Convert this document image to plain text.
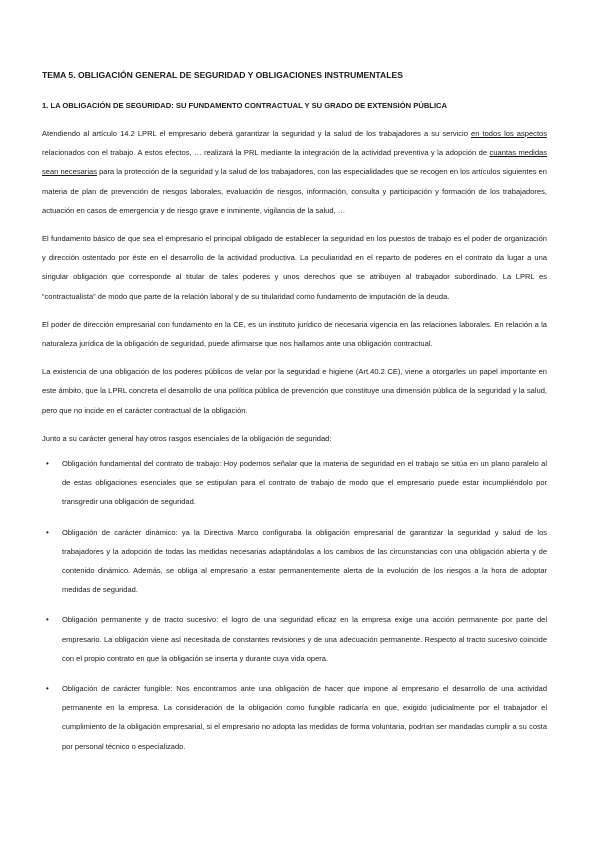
TEMA 5. OBLIGACIÓN GENERAL DE SEGURIDAD Y OBLIGACIONES INSTRUMENTALES
1. LA OBLIGACIÓN DE SEGURIDAD: SU FUNDAMENTO CONTRACTUAL Y SU GRADO DE EXTENSIÓN PÚBLICA

Atendiendo al artículo 14.2 LPRL el empresario deberá garantizar la seguridad y la salud de los trabajadores a su servicio en todos los aspectos relacionados con el trabajo. A estos efectos, … realizará la PRL mediante la integración de la actividad preventiva y la adopción de cuantas medidas sean necesarias para la protección de la seguridad y la salud de los trabajadores, con las especialidades que se recogen en los artículos siguientes en materia de plan de prevención de riesgos laborales, evaluación de riesgos, información, consulta y participación y formación de los trabajadores, actuación en casos de emergencia y de riesgo grave e inminente, vigilancia de la salud, …

El fundamento básico de que sea el empresario el principal obligado de establecer la seguridad en los puestos de trabajo es el poder de organización y dirección ostentado por éste en el desarrollo de la actividad productiva. La peculiaridad en el reparto de poderes en el contrato da lugar a una singular obligación que corresponde al titular de tales poderes y unos derechos que se atribuyen al trabajador subordinado. La LPRL es “contractualista” de modo que parte de la relación laboral y de su titularidad como fundamento de imputación de la deuda.

El poder de dirección empresarial con fundamento en la CE, es un instituto jurídico de necesaria vigencia en las relaciones laborales. En relación a la naturaleza jurídica de la obligación de seguridad, puede afirmarse que nos hallamos ante una obligación contractual.

La existencia de una obligación de los poderes públicos de velar por la seguridad e higiene (Art.40.2 CE), viene a otorgarles un papel importante en este ámbito, que la LPRL concreta el desarrollo de una política pública de prevención que constituye una dimensión pública de la seguridad y la salud, pero que no incide en el carácter contractual de la obligación.

Junto a su carácter general hay otros rasgos esenciales de la obligación de seguridad:

• Obligación fundamental del contrato de trabajo: Hoy podemos señalar que la materia de seguridad en el trabajo se sitúa en un plano paralelo al de estas obligaciones esenciales que se estipulan para el contrato de trabajo de modo que el empresario puede estar incumpliéndolo por transgredir una obligación de seguridad.
• Obligación de carácter dinámico: ya la Directiva Marco configuraba la obligación empresarial de garantizar la seguridad y salud de los trabajadores y la adopción de todas las medidas necesarias adaptándolas a los cambios de las circunstancias con una obligación abierta y de contenido dinámico. Además, se obliga al empresario a estar permanentemente alerta de la evolución de los riesgos a la hora de adoptar medidas de seguridad.
• Obligación permanente y de tracto sucesivo: el logro de una seguridad eficaz en la empresa exige una acción permanente por parte del empresario. La obligación viene así necesitada de constantes revisiones y de una adecuación permanente. Respecto al tracto sucesivo coincide con el propio contrato en que la obligación se inserta y durante cuya vida opera.
• Obligación de carácter fungible: Nos encontramos ante una obligación de hacer que impone al empresario el desarrollo de una actividad permanente en la empresa. La consideración de la obligación como fungible radicaría en que, exigido judicialmente por el trabajador el cumplimiento de la obligación empresarial, si el empresario no adopta las medidas de forma voluntaria, podrían ser mandadas cumplir a su costa por personal técnico o especializado.
